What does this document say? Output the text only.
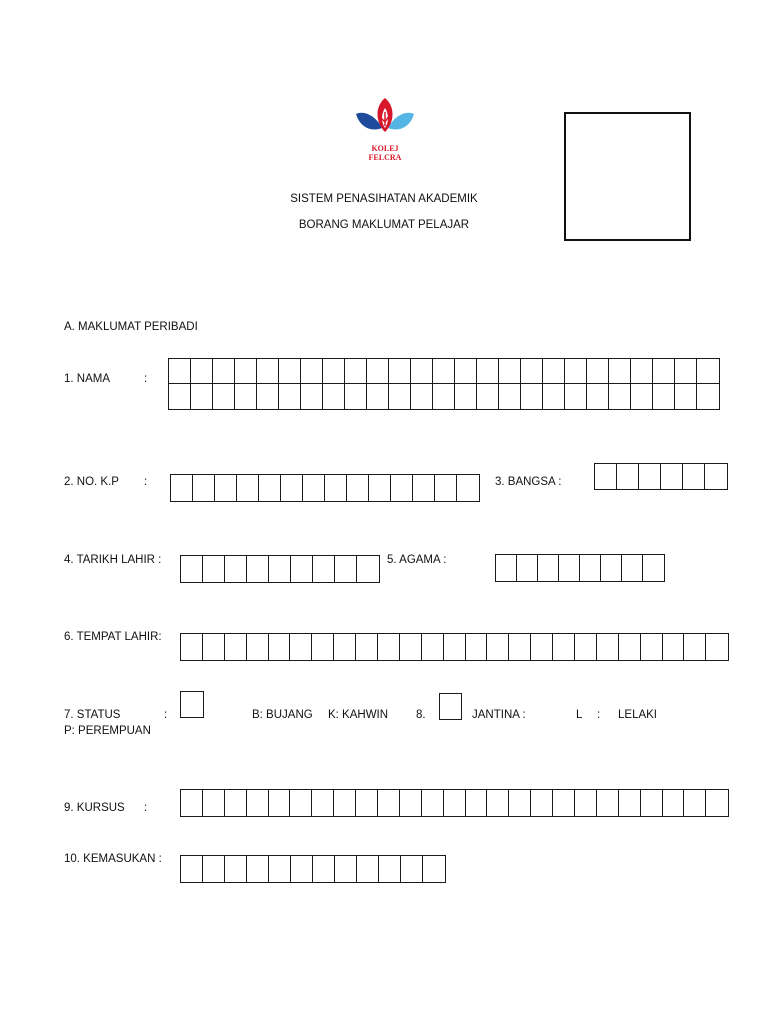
KOLEJ
FELCRA
SISTEM PENASIHATAN AKADEMIK
BORANG MAKLUMAT PELAJAR
A. MAKLUMAT PERIBADI
1. NAMA	:
2. NO. K.P :	3. BANGSA :
4. TARIKH LAHIR :	5. AGAMA :
6. TEMPAT LAHIR:
7. STATUS	:	B: BUJANG K: KAHWIN 8.	JANTINA :	L : LELAKI
P: PEREMPUAN
9. KURSUS :
10. KEMASUKAN :
